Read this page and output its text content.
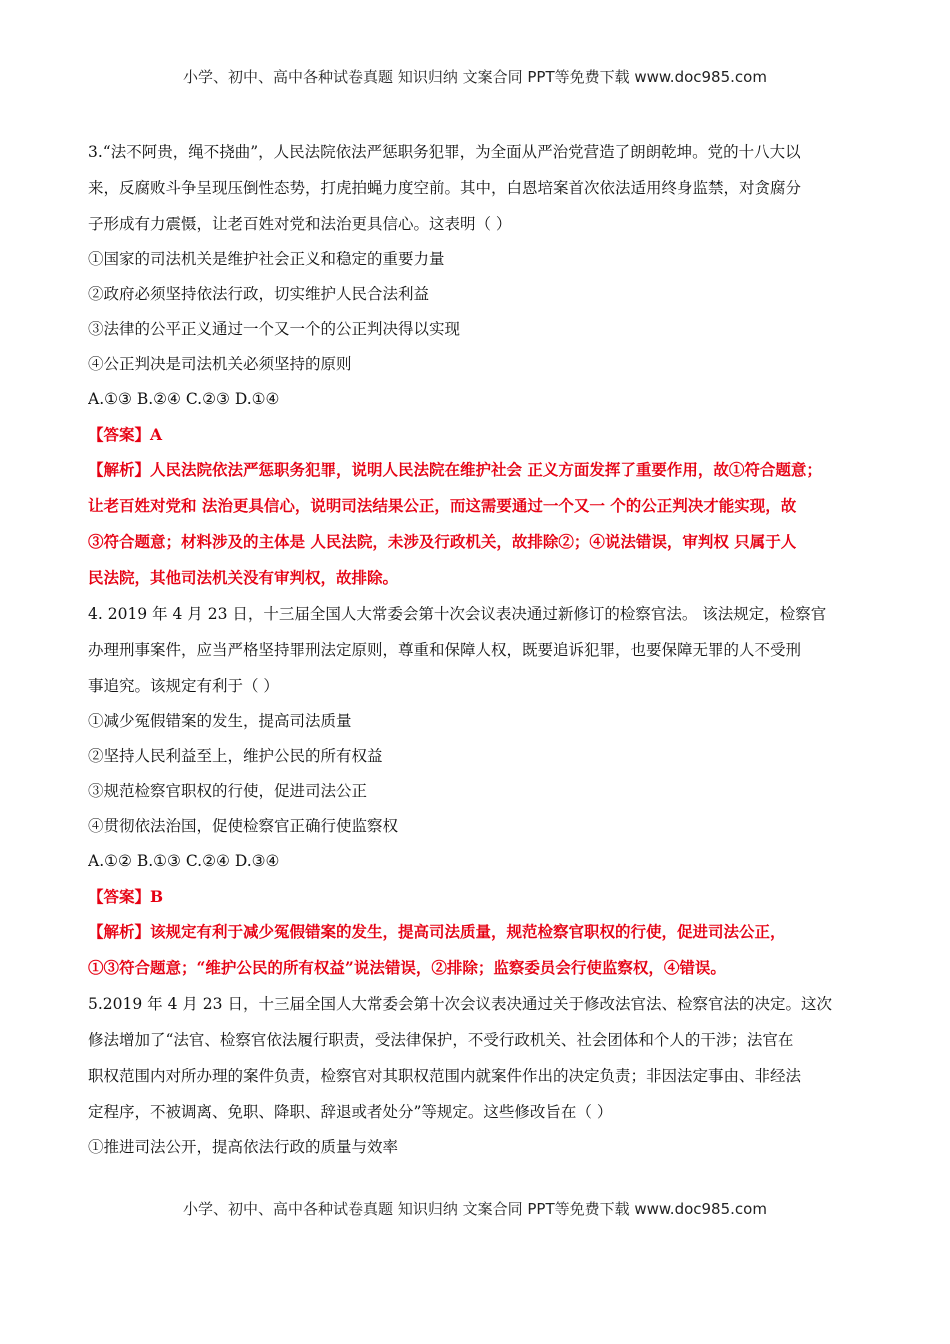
小学、初中、高中各种试卷真题 知识归纳 文案合同 PPT等免费下载 www.doc985.com
3.“法不阿贵，绳不挠曲”，人民法院依法严惩职务犯罪，为全面从严治党营造了朗朗乾坤。党的十八大以
来，反腐败斗争呈现压倒性态势，打虎拍蝇力度空前。其中，白恩培案首次依法适用终身监禁，对贪腐分
子形成有力震慑，让老百姓对党和法治更具信心。这表明（ ）
①国家的司法机关是维护社会正义和稳定的重要力量
②政府必须坚持依法行政，切实维护人民合法利益
③法律的公平正义通过一个又一个的公正判决得以实现
④公正判决是司法机关必须坚持的原则
A.①③ B.②④ C.②③ D.①④
【答案】A
【解析】人民法院依法严惩职务犯罪，说明人民法院在维护社会 正义方面发挥了重要作用，故①符合题意；
让老百姓对党和 法治更具信心，说明司法结果公正，而这需要通过一个又一 个的公正判决才能实现，故
③符合题意；材料涉及的主体是 人民法院，未涉及行政机关，故排除②；④说法错误，审判权 只属于人
民法院，其他司法机关没有审判权，故排除。
4. 2019 年 4 月 23 日，十三届全国人大常委会第十次会议表决通过新修订的检察官法。 该法规定，检察官
办理刑事案件，应当严格坚持罪刑法定原则，尊重和保障人权，既要追诉犯罪，也要保障无罪的人不受刑
事追究。该规定有利于（ ）
①减少冤假错案的发生，提高司法质量
②坚持人民利益至上，维护公民的所有权益
③规范检察官职权的行使，促进司法公正
④贯彻依法治国，促使检察官正确行使监察权
A.①② B.①③ C.②④ D.③④
【答案】B
【解析】该规定有利于减少冤假错案的发生，提高司法质量，规范检察官职权的行使，促进司法公正，
①③符合题意；“维护公民的所有权益”说法错误，②排除；监察委员会行使监察权，④错误。
5.2019 年 4 月 23 日，十三届全国人大常委会第十次会议表决通过关于修改法官法、检察官法的决定。这次
修法增加了“法官、检察官依法履行职责，受法律保护，不受行政机关、社会团体和个人的干涉；法官在
职权范围内对所办理的案件负责，检察官对其职权范围内就案件作出的决定负责；非因法定事由、非经法
定程序，不被调离、免职、降职、辞退或者处分”等规定。这些修改旨在（ ）
①推进司法公开，提高依法行政的质量与效率
小学、初中、高中各种试卷真题 知识归纳 文案合同 PPT等免费下载 www.doc985.com
